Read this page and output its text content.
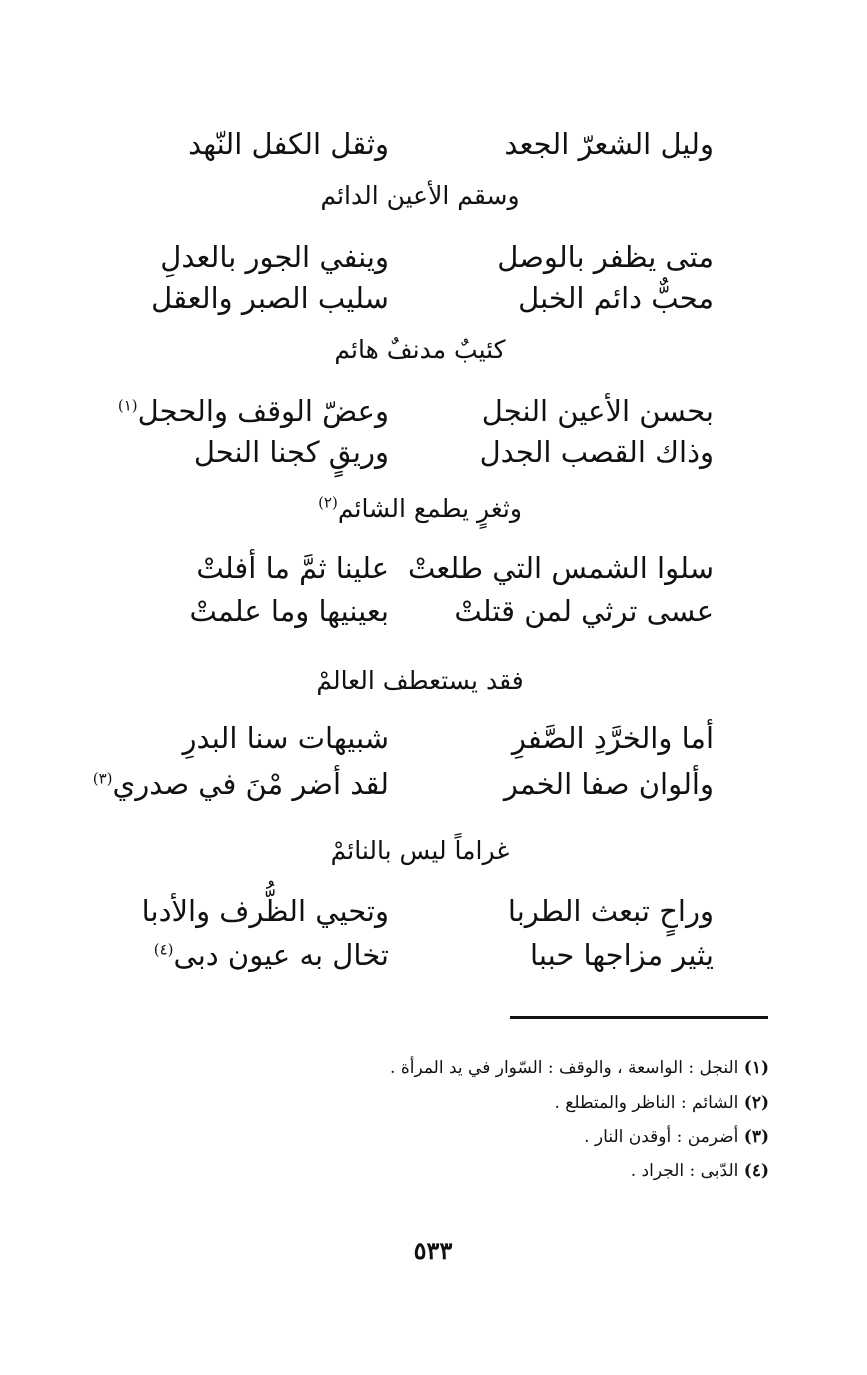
وليل الشعرّ الجعد
وثقل الكفل النّهد
وسقم الأعين الدائم
متى يظفر بالوصل
وينفي الجور بالعدلِ
محبٌّ دائم الخبل
سليب الصبر والعقل
كئيبٌ مدنفٌ هائم
بحسن الأعين النجل
وعضّ الوقف والحجل$^{(١)}$
وذاك القصب الجدل
وريقٍ كجنا النحل
وثغرٍ يطمع الشائم$^{(٢)}$
سلوا الشمس التي طلعتْ
علينا ثمَّ ما أفلتْ
عسى ترثي لمن قتلتْ
بعينيها وما علمتْ
فقد يستعطف العالمْ
أما والخرَّدِ الصَّفرِ
شبيهات سنا البدرِ
وألوان صفا الخمر
لقد أضر مْنَ في صدري$^{(٣)}$
غراماً ليس بالنائمْ
وراحٍ تبعث الطربا
وتحيي الظُّرف والأدبا
يثير مزاجها حببا
تخال به عيون دبى$^{(٤)}$
(١) النجل : الواسعة ، والوقف : السّوار في يد المرأة .
(٢) الشائم : الناظر والمتطلع .
(٣) أضرمن : أوقدن النار .
(٤) الدّبى : الجراد .
٥٣٣
